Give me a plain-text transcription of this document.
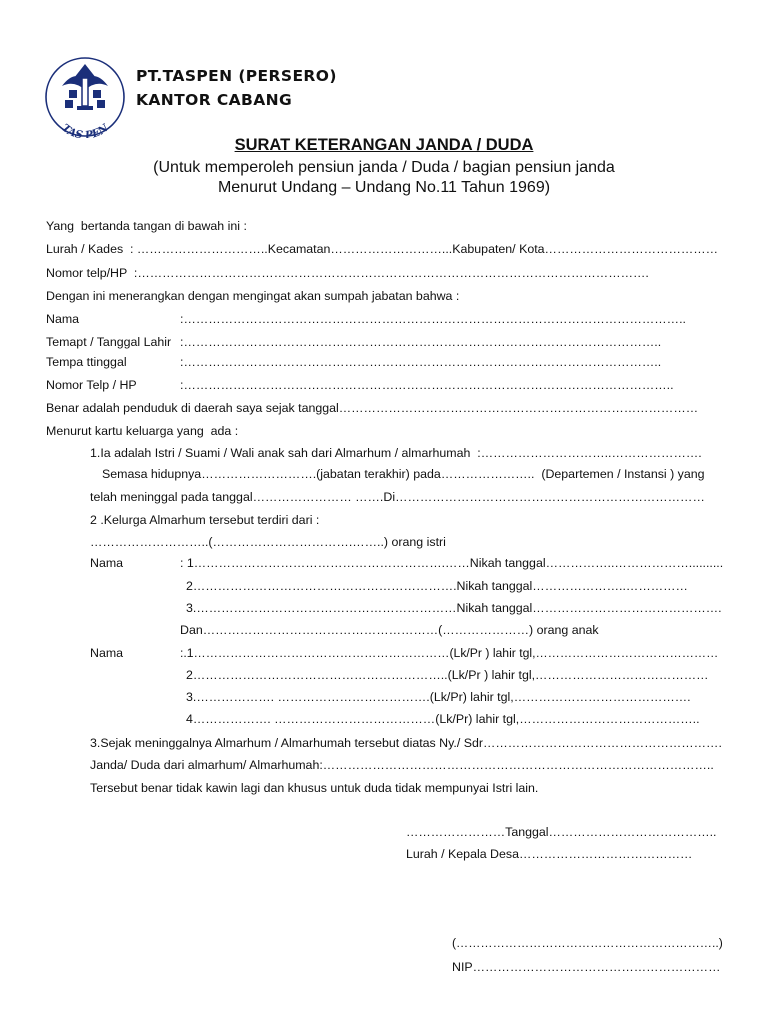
TAS PEN
PT.TASPEN (PERSERO)
KANTOR CABANG
SURAT KETERANGAN JANDA / DUDA
(Untuk memperoleh pensiun janda / Duda / bagian pensiun janda
Menurut Undang – Undang No.11 Tahun 1969)
Yang  bertanda tangan di bawah ini :
Lurah / Kades  : …………………………..Kecamatan………………………...Kabupaten/ Kota……………………………………
Nomor telp/HP  :…………………………………………………………………………………………………………….
Dengan ini menerangkan dengan mengingat akan sumpah jabatan bahwa :
Nama	:…………………………………………………………………………………………………………..
Temapt / Tanggal Lahir :……………………………………………………………………………………………………..
Tempa ttinggal	:……………………………………………………………………………………………………..
Nomor Telp / HP	:………………………………………………………………………………………………………..
Benar adalah penduduk di daerah saya sejak tanggal……………………………………………………………………………
Menurut kartu keluarga yang  ada :
1.Ia adalah Istri / Suami / Wali anak sah dari Almarhum / almarhumah  :…………………………..………………….
Semasa hidupnya……………………….(jabatan terakhir) pada…………………..  (Departemen / Instansi ) yang
telah meninggal pada tanggal…………………… …….Di…………………………………………………………………
2 .Kelurga Almarhum tersebut terdiri dari :
………………………..(…………………………….……..) orang istri
Nama	: 1…………………………………………………….……Nikah tanggal……………..………………..........
2……………………………………………………….Nikah tanggal…………………..……………
3.………………………………………………………Nikah tanggal……………………………………….
Dan…………………………………………………(…………………) orang anak
Nama	:.1………………………………………………………(Lk/Pr ) lahir tgl,………………………………………
2……………………………………………………..(Lk/Pr ) lahir tgl,……………………………………
3.………………. ……………………………….(Lk/Pr) lahir tgl,…………………………………….
4………………. …………………………………(Lk/Pr) lahir tgl,……………………………………..
3.Sejak meninggalnya Almarhum / Almarhumah tersebut diatas Ny./ Sdr………………………………………………….
Janda/ Duda dari almarhum/ Almarhumah:…………………………………………………………………………………..
Tersebut benar tidak kawin lagi dan khusus untuk duda tidak mempunyai Istri lain.
……………………Tanggal…………………………………..
Lurah / Kepala Desa……………………………………
(………………………………………………………..)
NIP……………………………………………………
